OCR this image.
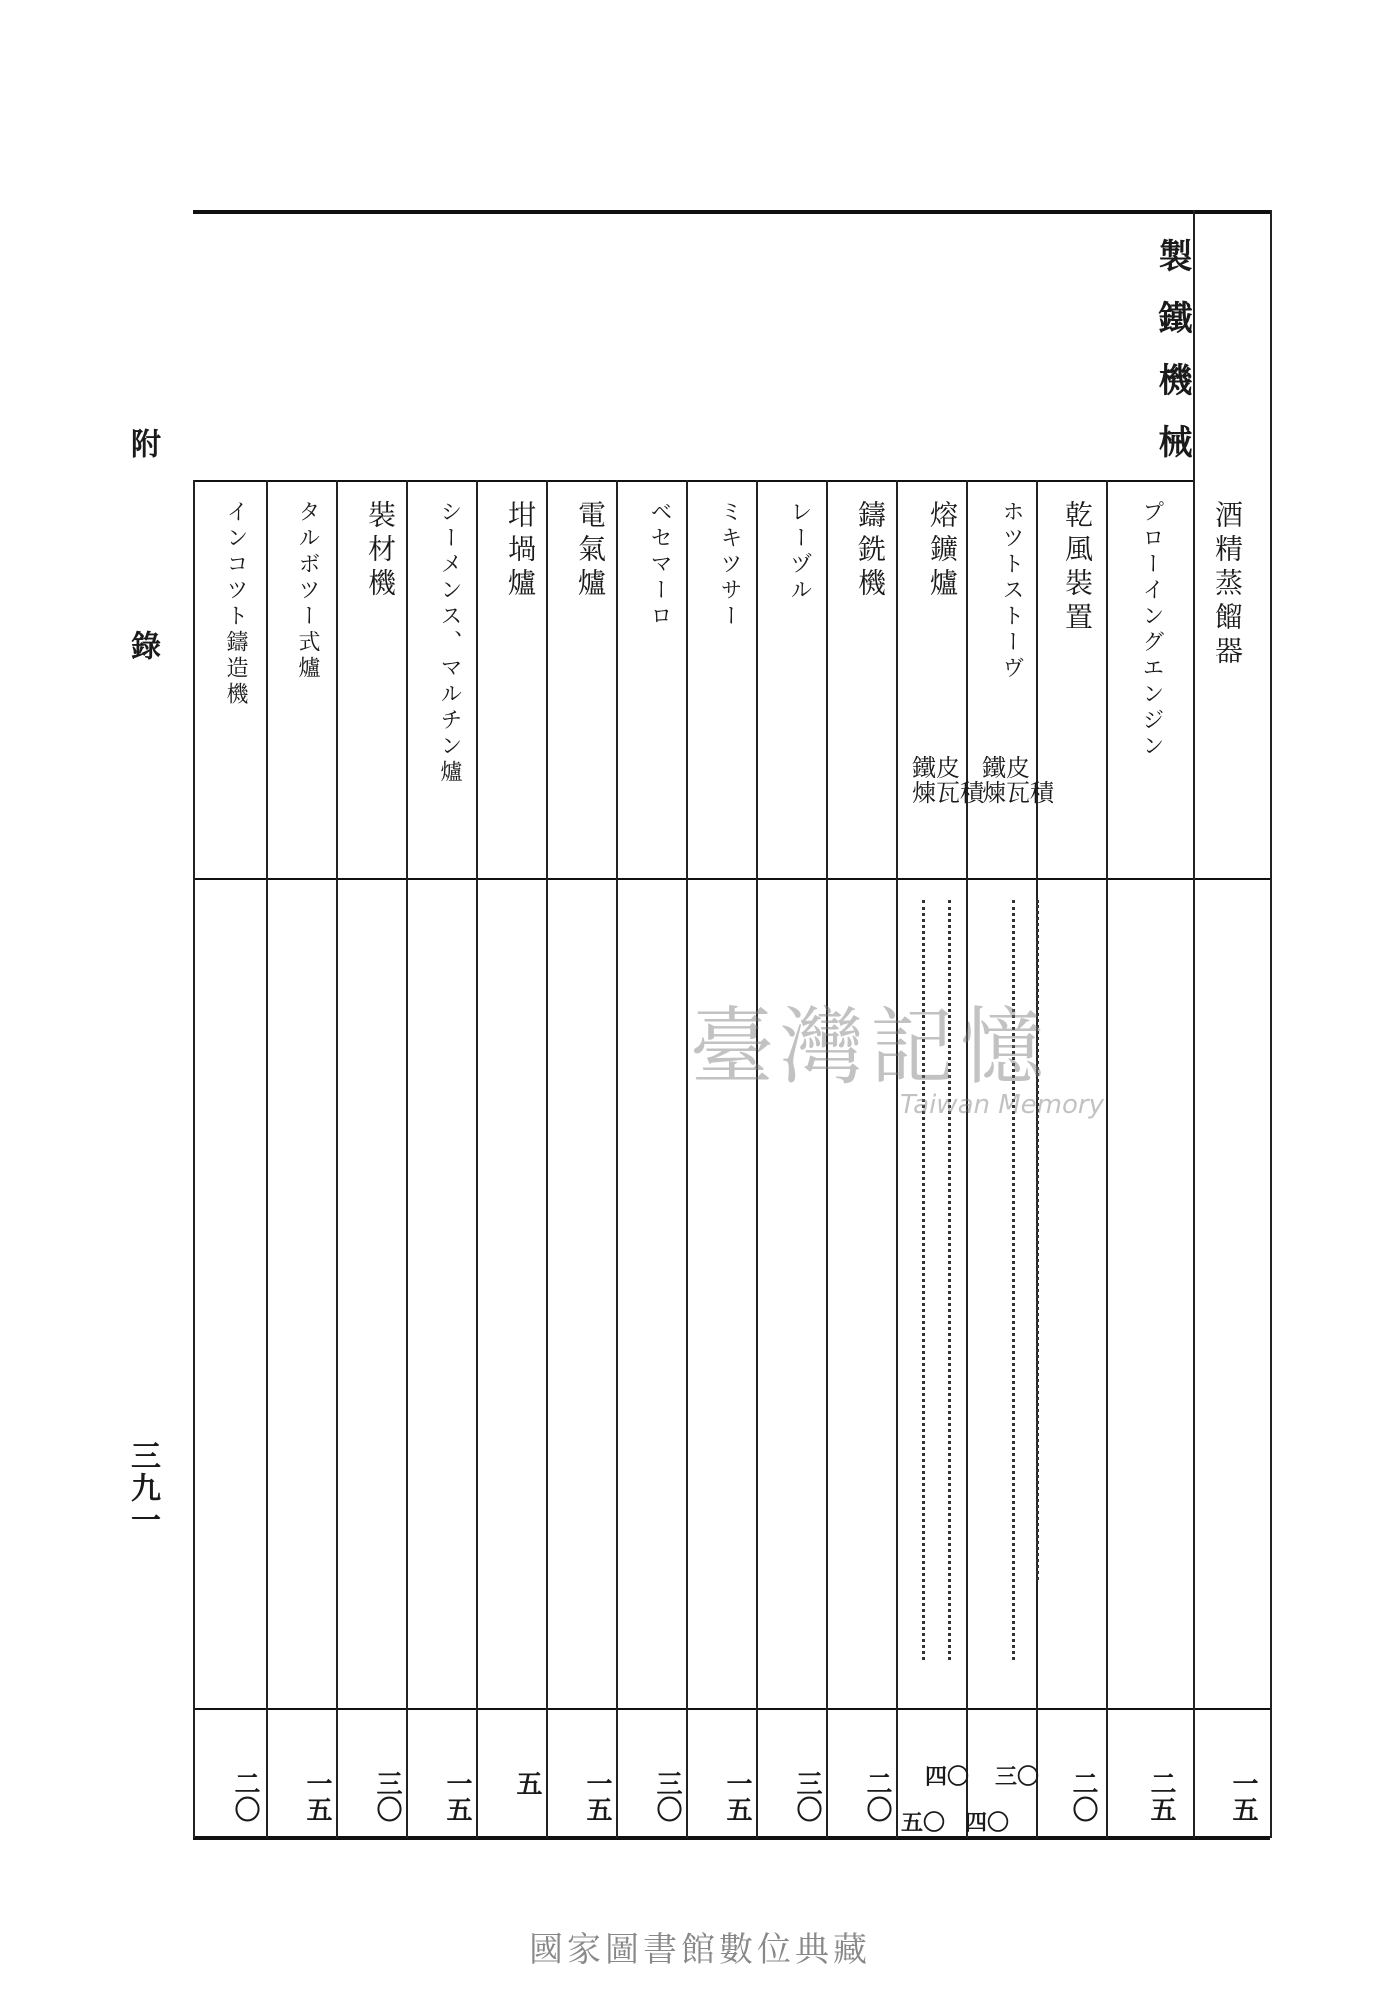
附
錄
三九一
製鐵機械
酒精蒸餾器
一五
プローイングエンジン
二五
乾風裝置
二〇
ホツトストーヴ
鐵皮
煉瓦積
三〇
四〇
熔鑛爐
鐵皮
煉瓦積
四〇
五〇
鑄銑機
二〇
レーヅル
三〇
ミキツサー
一五
ベセマーロ
三〇
電氣爐
一五
坩堝爐
五
シーメンス、マルチン爐
一五
裝材機
三〇
タルボツー式爐
一五
インコツト鑄造機
二〇
臺灣記憶
Taiwan Memory
國家圖書館數位典藏
